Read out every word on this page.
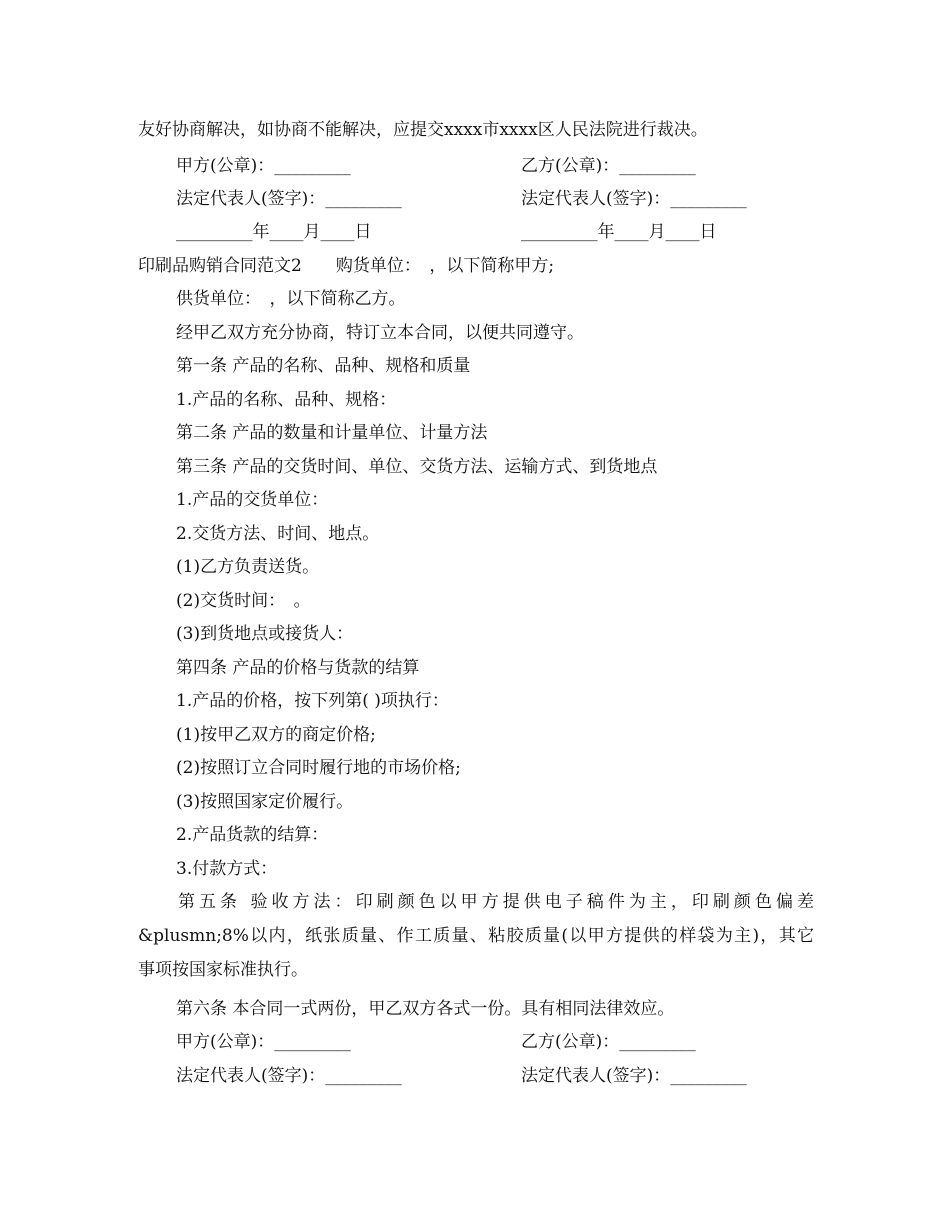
友好协商解决，如协商不能解决，应提交xxxx市xxxx区人民法院进行裁决。
甲方(公章)：_________	乙方(公章)：_________
法定代表人(签字)：_________	法定代表人(签字)：_________
_________年____月____日	_________年____月____日
印刷品购销合同范文2　　购货单位：　，以下简称甲方;
供货单位：　，以下简称乙方。
经甲乙双方充分协商，特订立本合同，以便共同遵守。
第一条 产品的名称、品种、规格和质量
1.产品的名称、品种、规格：
第二条 产品的数量和计量单位、计量方法
第三条 产品的交货时间、单位、交货方法、运输方式、到货地点
1.产品的交货单位：
2.交货方法、时间、地点。
(1)乙方负责送货。
(2)交货时间：　。
(3)到货地点或接货人：
第四条 产品的价格与货款的结算
1.产品的价格，按下列第( )项执行：
(1)按甲乙双方的商定价格;
(2)按照订立合同时履行地的市场价格;
(3)按照国家定价履行。
2.产品货款的结算：
3.付款方式：
第五条 验收方法：印刷颜色以甲方提供电子稿件为主，印刷颜色偏差
&plusmn;8%以内，纸张质量、作工质量、粘胶质量(以甲方提供的样袋为主)，其它
事项按国家标准执行。
第六条 本合同一式两份，甲乙双方各式一份。具有相同法律效应。
甲方(公章)：_________	乙方(公章)：_________
法定代表人(签字)：_________	法定代表人(签字)：_________
